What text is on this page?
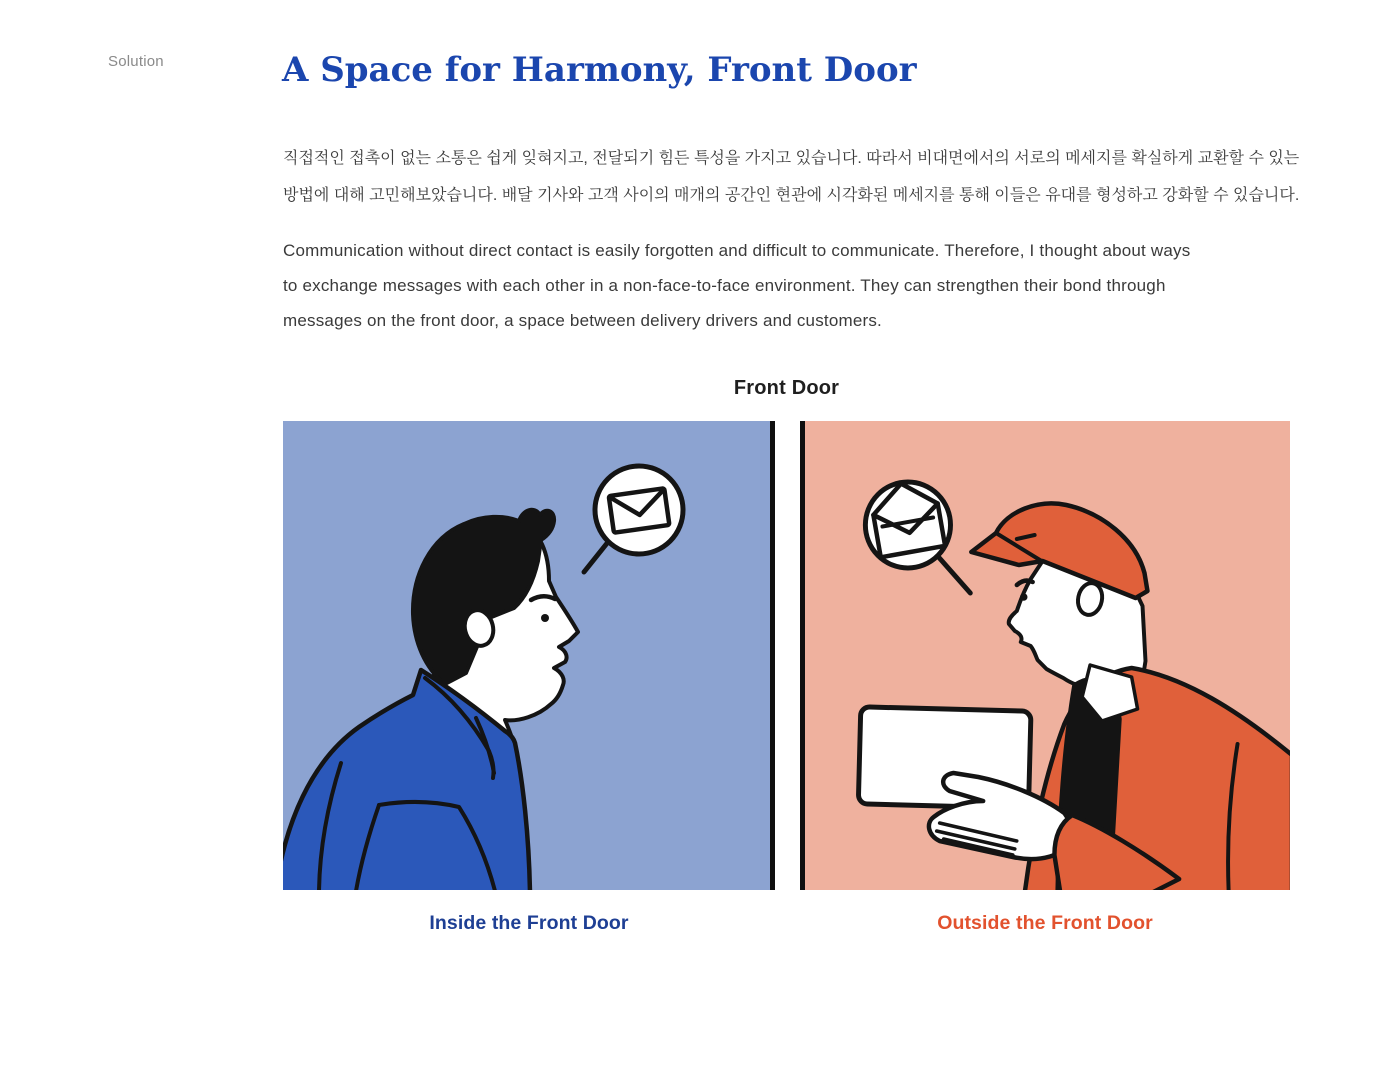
Solution	A Space for Harmony, Front Door
직접적인 접촉이 없는 소통은 쉽게 잊혀지고, 전달되기 힘든 특성을 가지고 있습니다. 따라서 비대면에서의 서로의 메세지를 확실하게 교환할 수 있는
방법에 대해 고민해보았습니다. 배달 기사와 고객 사이의 매개의 공간인 현관에 시각화된 메세지를 통해 이들은 유대를 형성하고 강화할 수 있습니다.
Communication without direct contact is easily forgotten and difficult to communicate. Therefore, I thought about ways
to exchange messages with each other in a non-face-to-face environment. They can strengthen their bond through
messages on the front door, a space between delivery drivers and customers.
Front Door
Inside the Front Door	Outside the Front Door
